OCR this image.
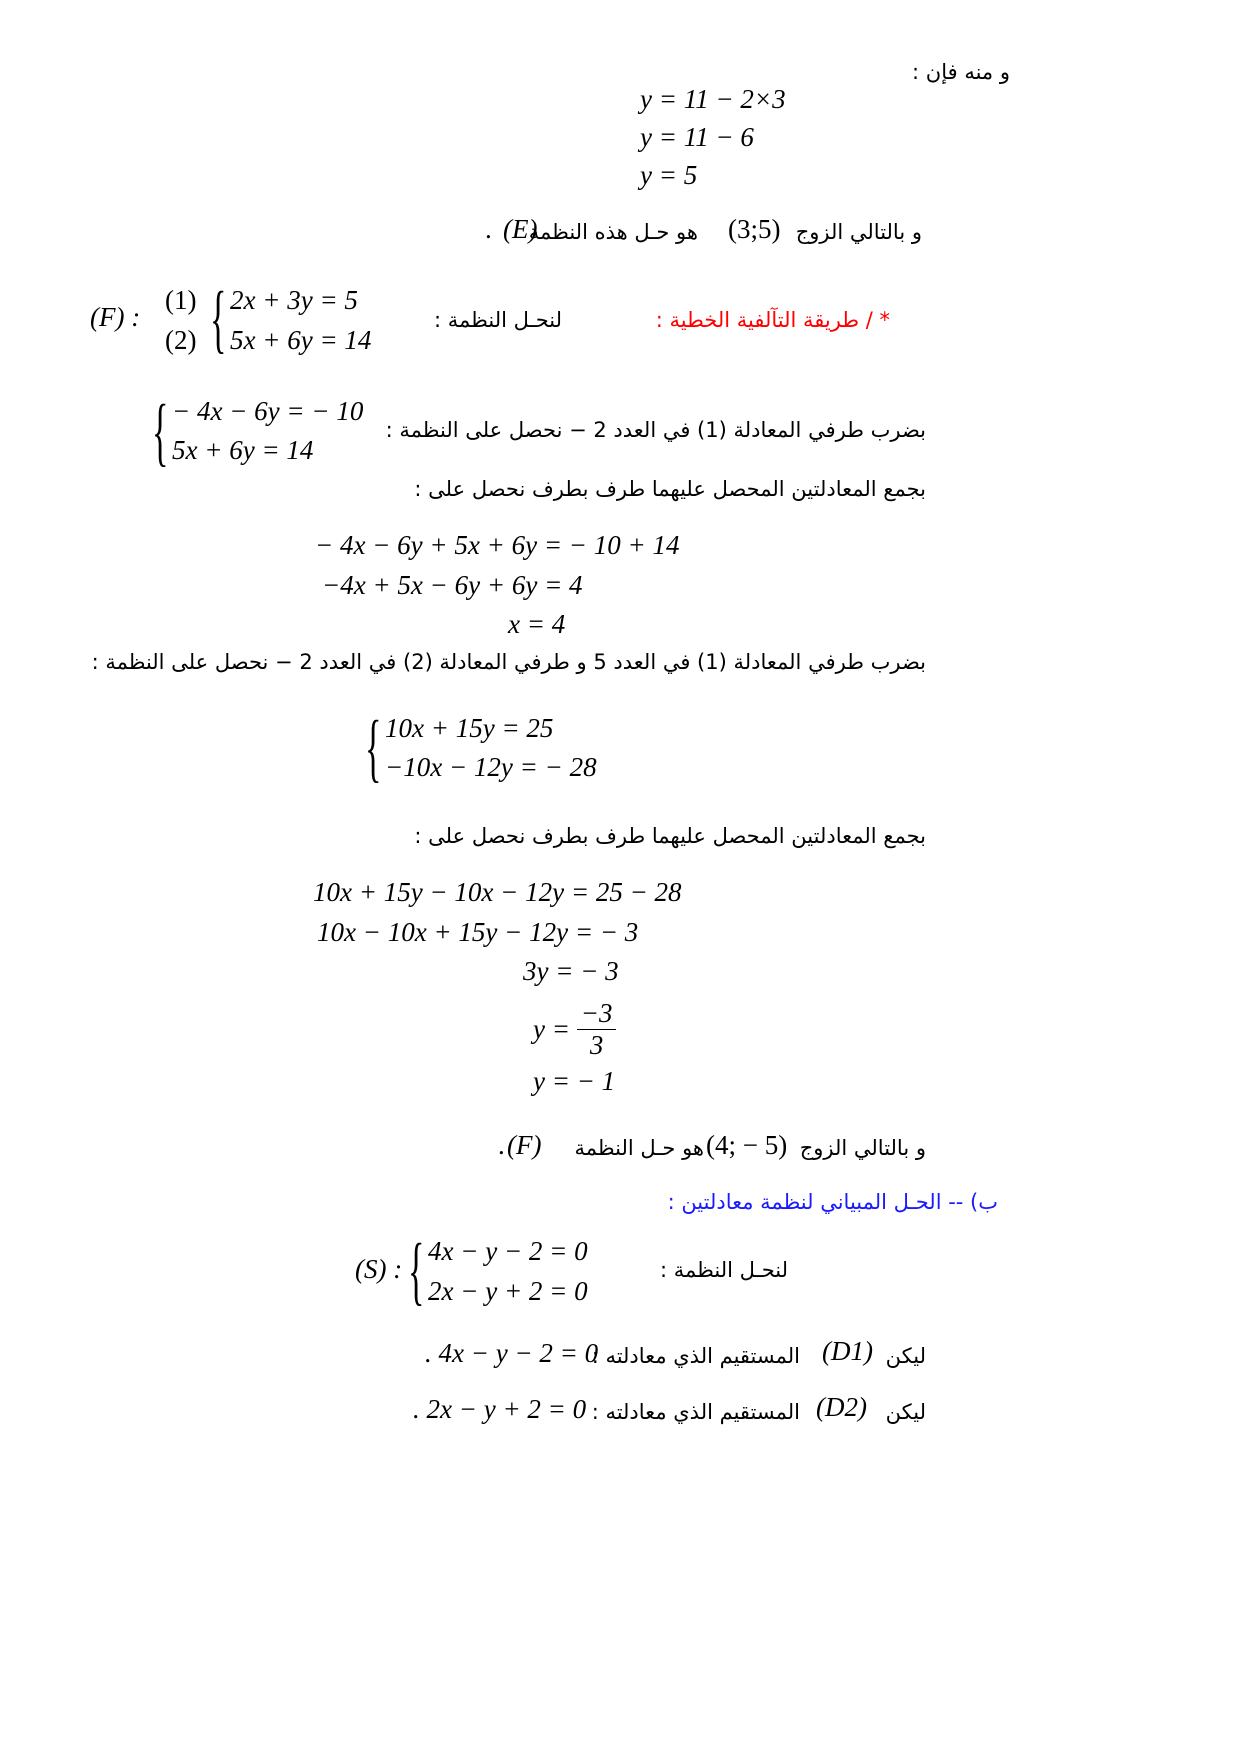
و منه فإن :
y = 11 − 2×3
y = 11 − 6
y = 5
و بالتالي الزوج
(3;5)
هو حـل هذه النظمة
(E)
.
* / طريقة التآلفية الخطية :
لنحـل النظمة :
(F) :
(1)
(2) { 2x + 3y = 5
5x + 6y = 14
بضرب طرفي المعادلة (1) في العدد 2 − نحصل على النظمة :
{ − 4x − 6y = − 10
5x + 6y = 14
بجمع المعادلتين المحصل عليهما طرف بطرف نحصل على :
− 4x − 6y + 5x + 6y = − 10 + 14
−4x + 5x − 6y + 6y = 4
x = 4
بضرب طرفي المعادلة (1) في العدد 5 و طرفي المعادلة (2) في العدد 2 − نحصل على النظمة :
{ 10x + 15y = 25
−10x − 12y = − 28
بجمع المعادلتين المحصل عليهما طرف بطرف نحصل على :
10x + 15y − 10x − 12y = 25 − 28
10x − 10x + 15y − 12y = − 3
3y = − 3
$y = \frac{-3}{3}$
y = − 1
و بالتالي الزوج
(4; − 5)
هو حـل النظمة
(F)
.
ب) -- الحـل المبياني لنظمة معادلتين :
لنحـل النظمة :
(S) : { 4x − y − 2 = 0
2x − y + 2 = 0
ليكن
(D1)
المستقيم الذي معادلته :
. 4x − y − 2 = 0
ليكن
(D2)
المستقيم الذي معادلته :
. 2x − y + 2 = 0
